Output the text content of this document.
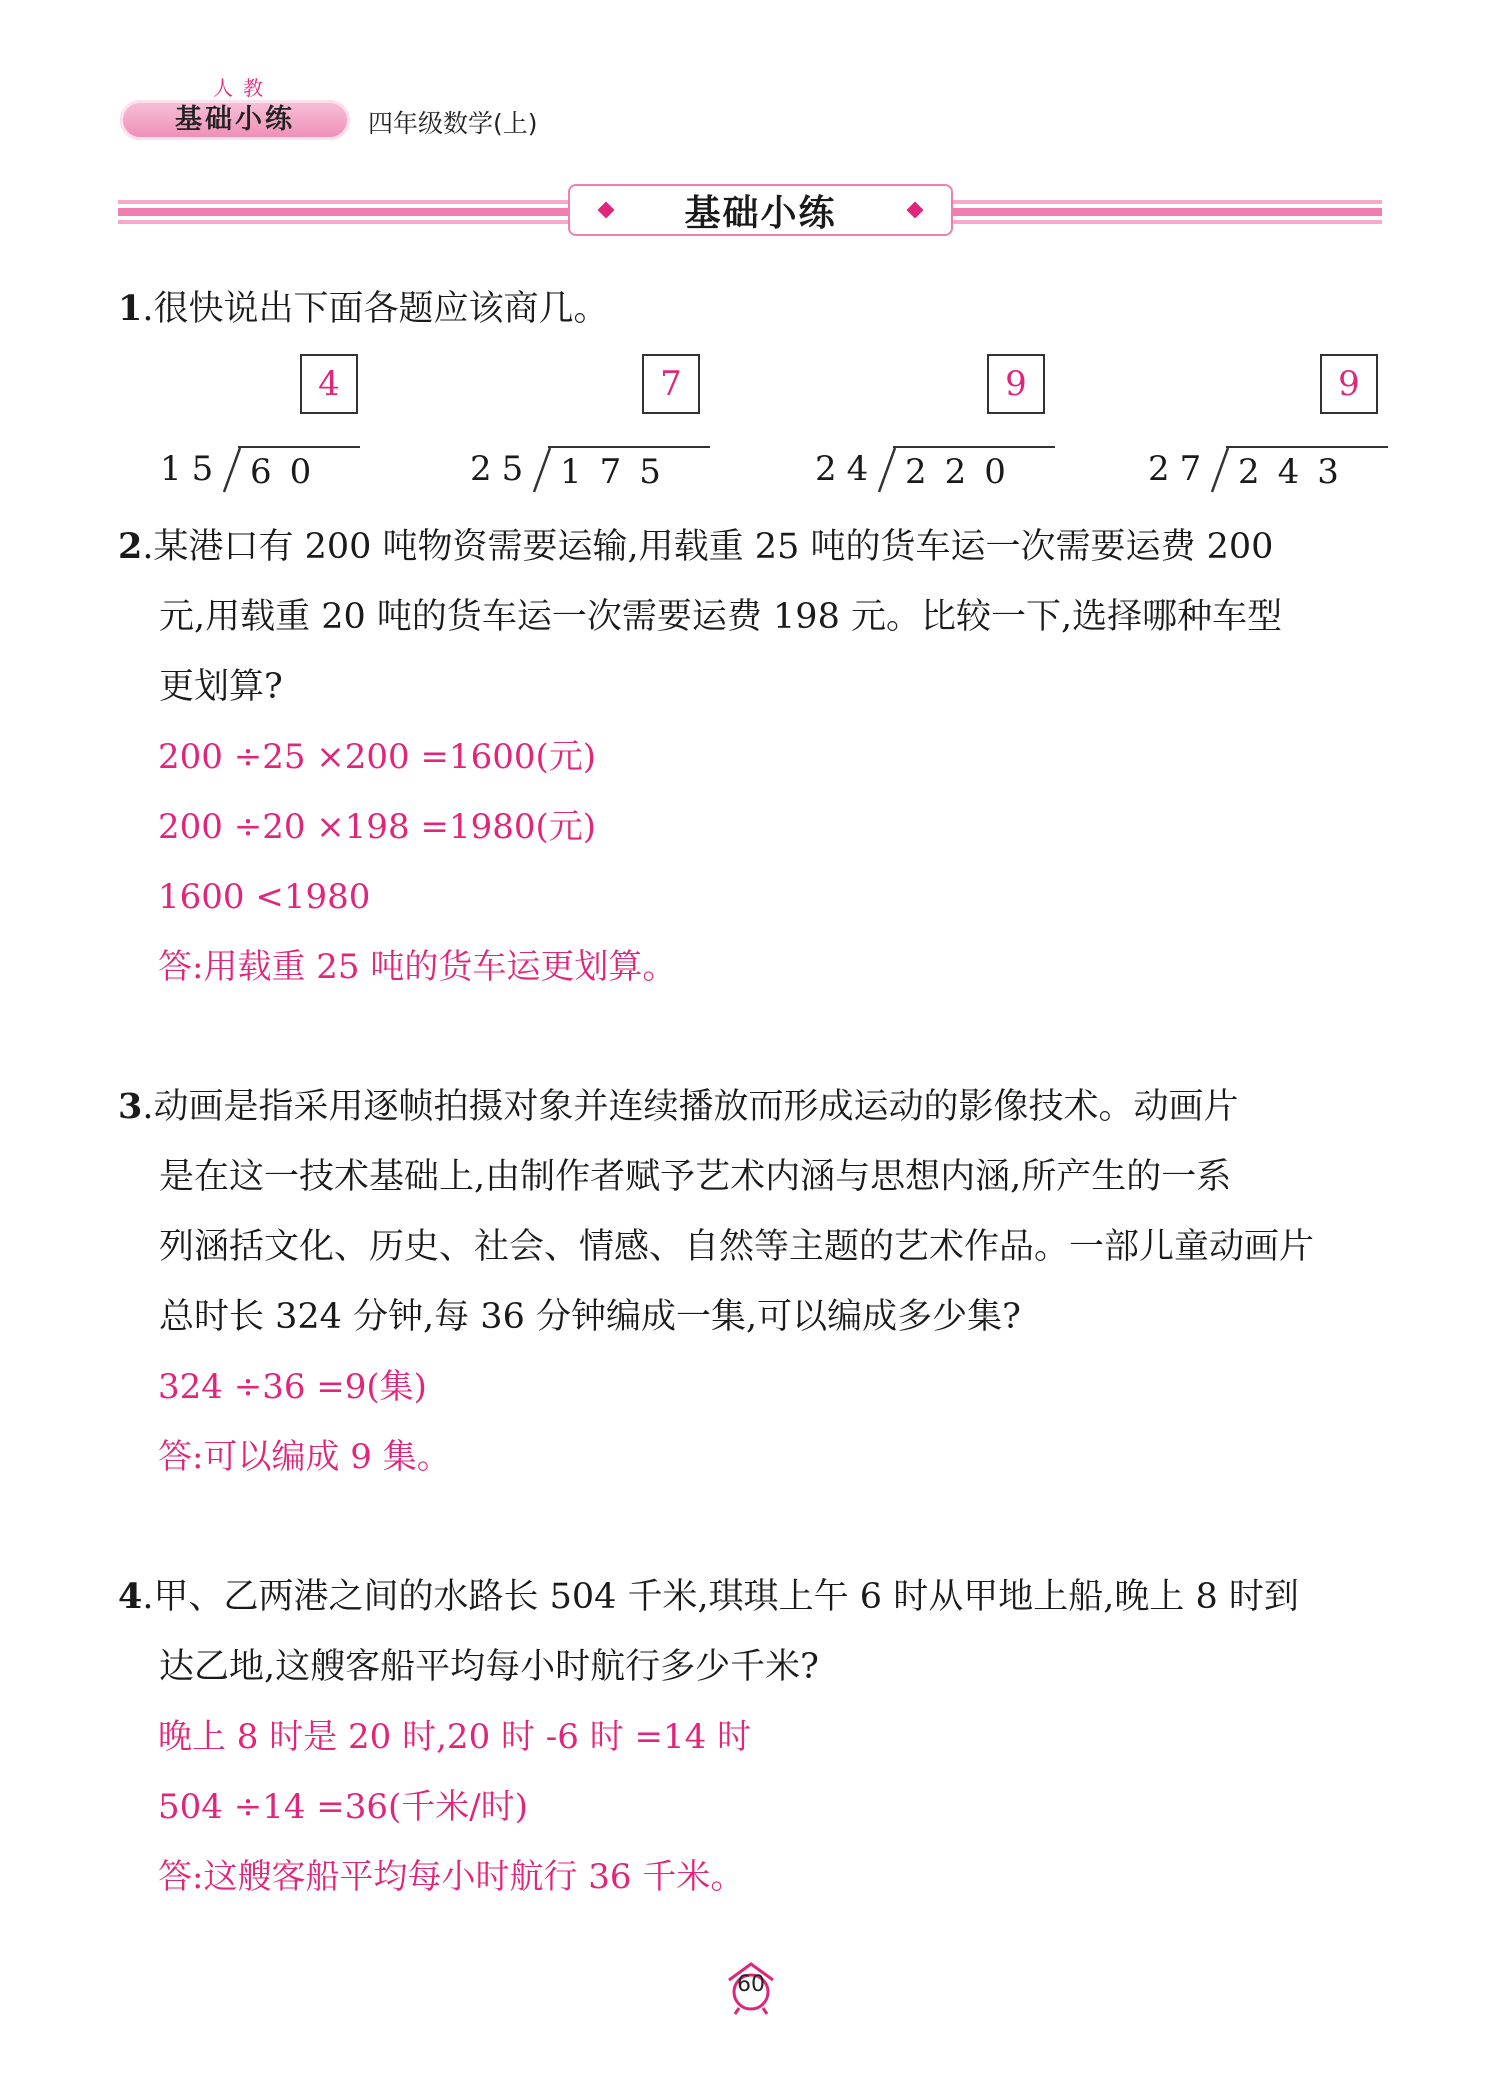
人教
基础小练	四年级数学(上)
基础小练
1.很快说出下面各题应该商几。
4
15 60
7
25 175
9
24 220
9
27 243
2.某港口有 200 吨物资需要运输,用载重 25 吨的货车运一次需要运费 200
元,用载重 20 吨的货车运一次需要运费 198 元。比较一下,选择哪种车型
更划算?
200 ÷25 ×200 =1600(元)
200 ÷20 ×198 =1980(元)
1600 <1980
答:用载重 25 吨的货车运更划算。
3.动画是指采用逐帧拍摄对象并连续播放而形成运动的影像技术。动画片
是在这一技术基础上,由制作者赋予艺术内涵与思想内涵,所产生的一系
列涵括文化、历史、社会、情感、自然等主题的艺术作品。一部儿童动画片
总时长 324 分钟,每 36 分钟编成一集,可以编成多少集?
324 ÷36 =9(集)
答:可以编成 9 集。
4.甲、乙两港之间的水路长 504 千米,琪琪上午 6 时从甲地上船,晚上 8 时到
达乙地,这艘客船平均每小时航行多少千米?
晚上 8 时是 20 时,20 时 -6 时 =14 时
504 ÷14 =36(千米/时)
答:这艘客船平均每小时航行 36 千米。
60
